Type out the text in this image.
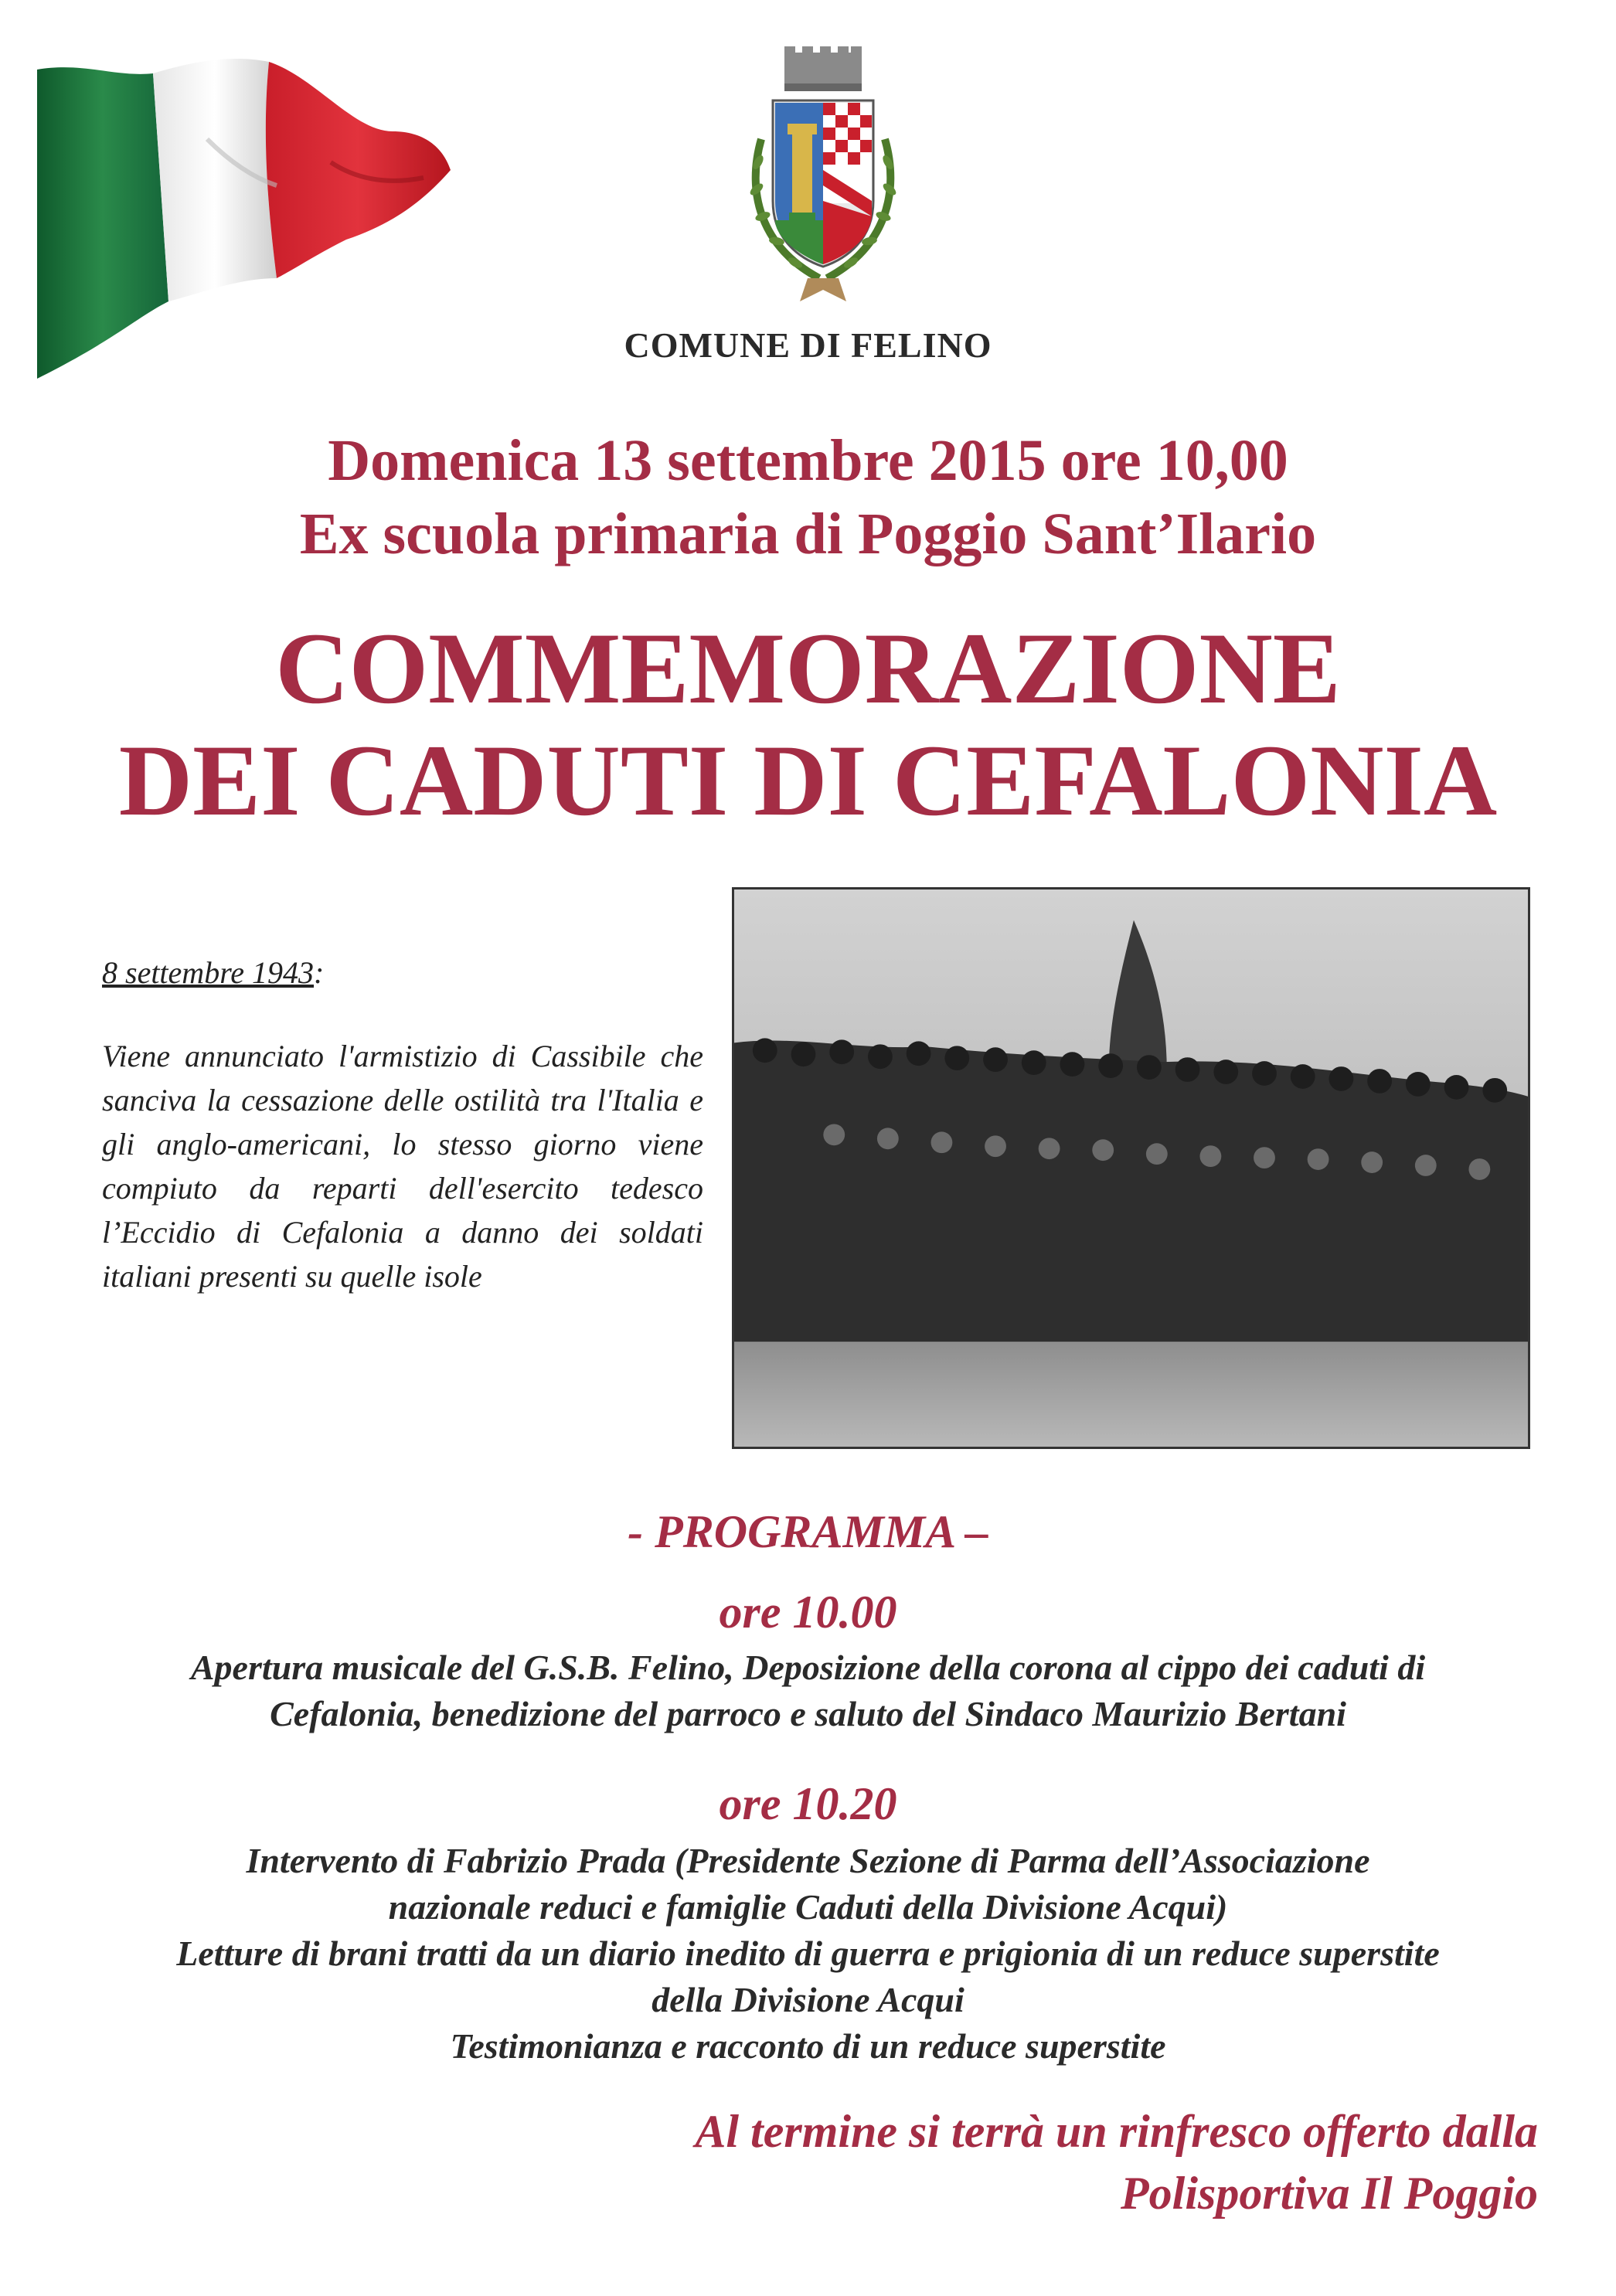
COMUNE DI FELINO
Domenica 13 settembre 2015 ore 10,00
Ex scuola primaria di Poggio Sant’Ilario
COMMEMORAZIONE
DEI CADUTI DI CEFALONIA
8 settembre 1943:
Viene annunciato l'armistizio di Cassibile che sanciva la cessazione delle ostilità tra l'Italia e gli anglo-americani, lo stesso giorno viene compiuto da reparti dell'esercito tedesco l’Eccidio di Cefalonia a danno dei soldati italiani presenti su quelle isole
- PROGRAMMA –
ore 10.00
Apertura musicale del G.S.B. Felino, Deposizione della corona al cippo dei caduti di
Cefalonia, benedizione del parroco e saluto del Sindaco Maurizio Bertani
ore 10.20
Intervento di Fabrizio Prada (Presidente Sezione di Parma dell’Associazione
nazionale reduci e famiglie Caduti della Divisione Acqui)
Letture di brani tratti da un diario inedito di guerra e prigionia di un reduce superstite
della Divisione Acqui
Testimonianza e racconto di un reduce superstite
Al termine si terrà un rinfresco offerto dalla
Polisportiva Il Poggio
